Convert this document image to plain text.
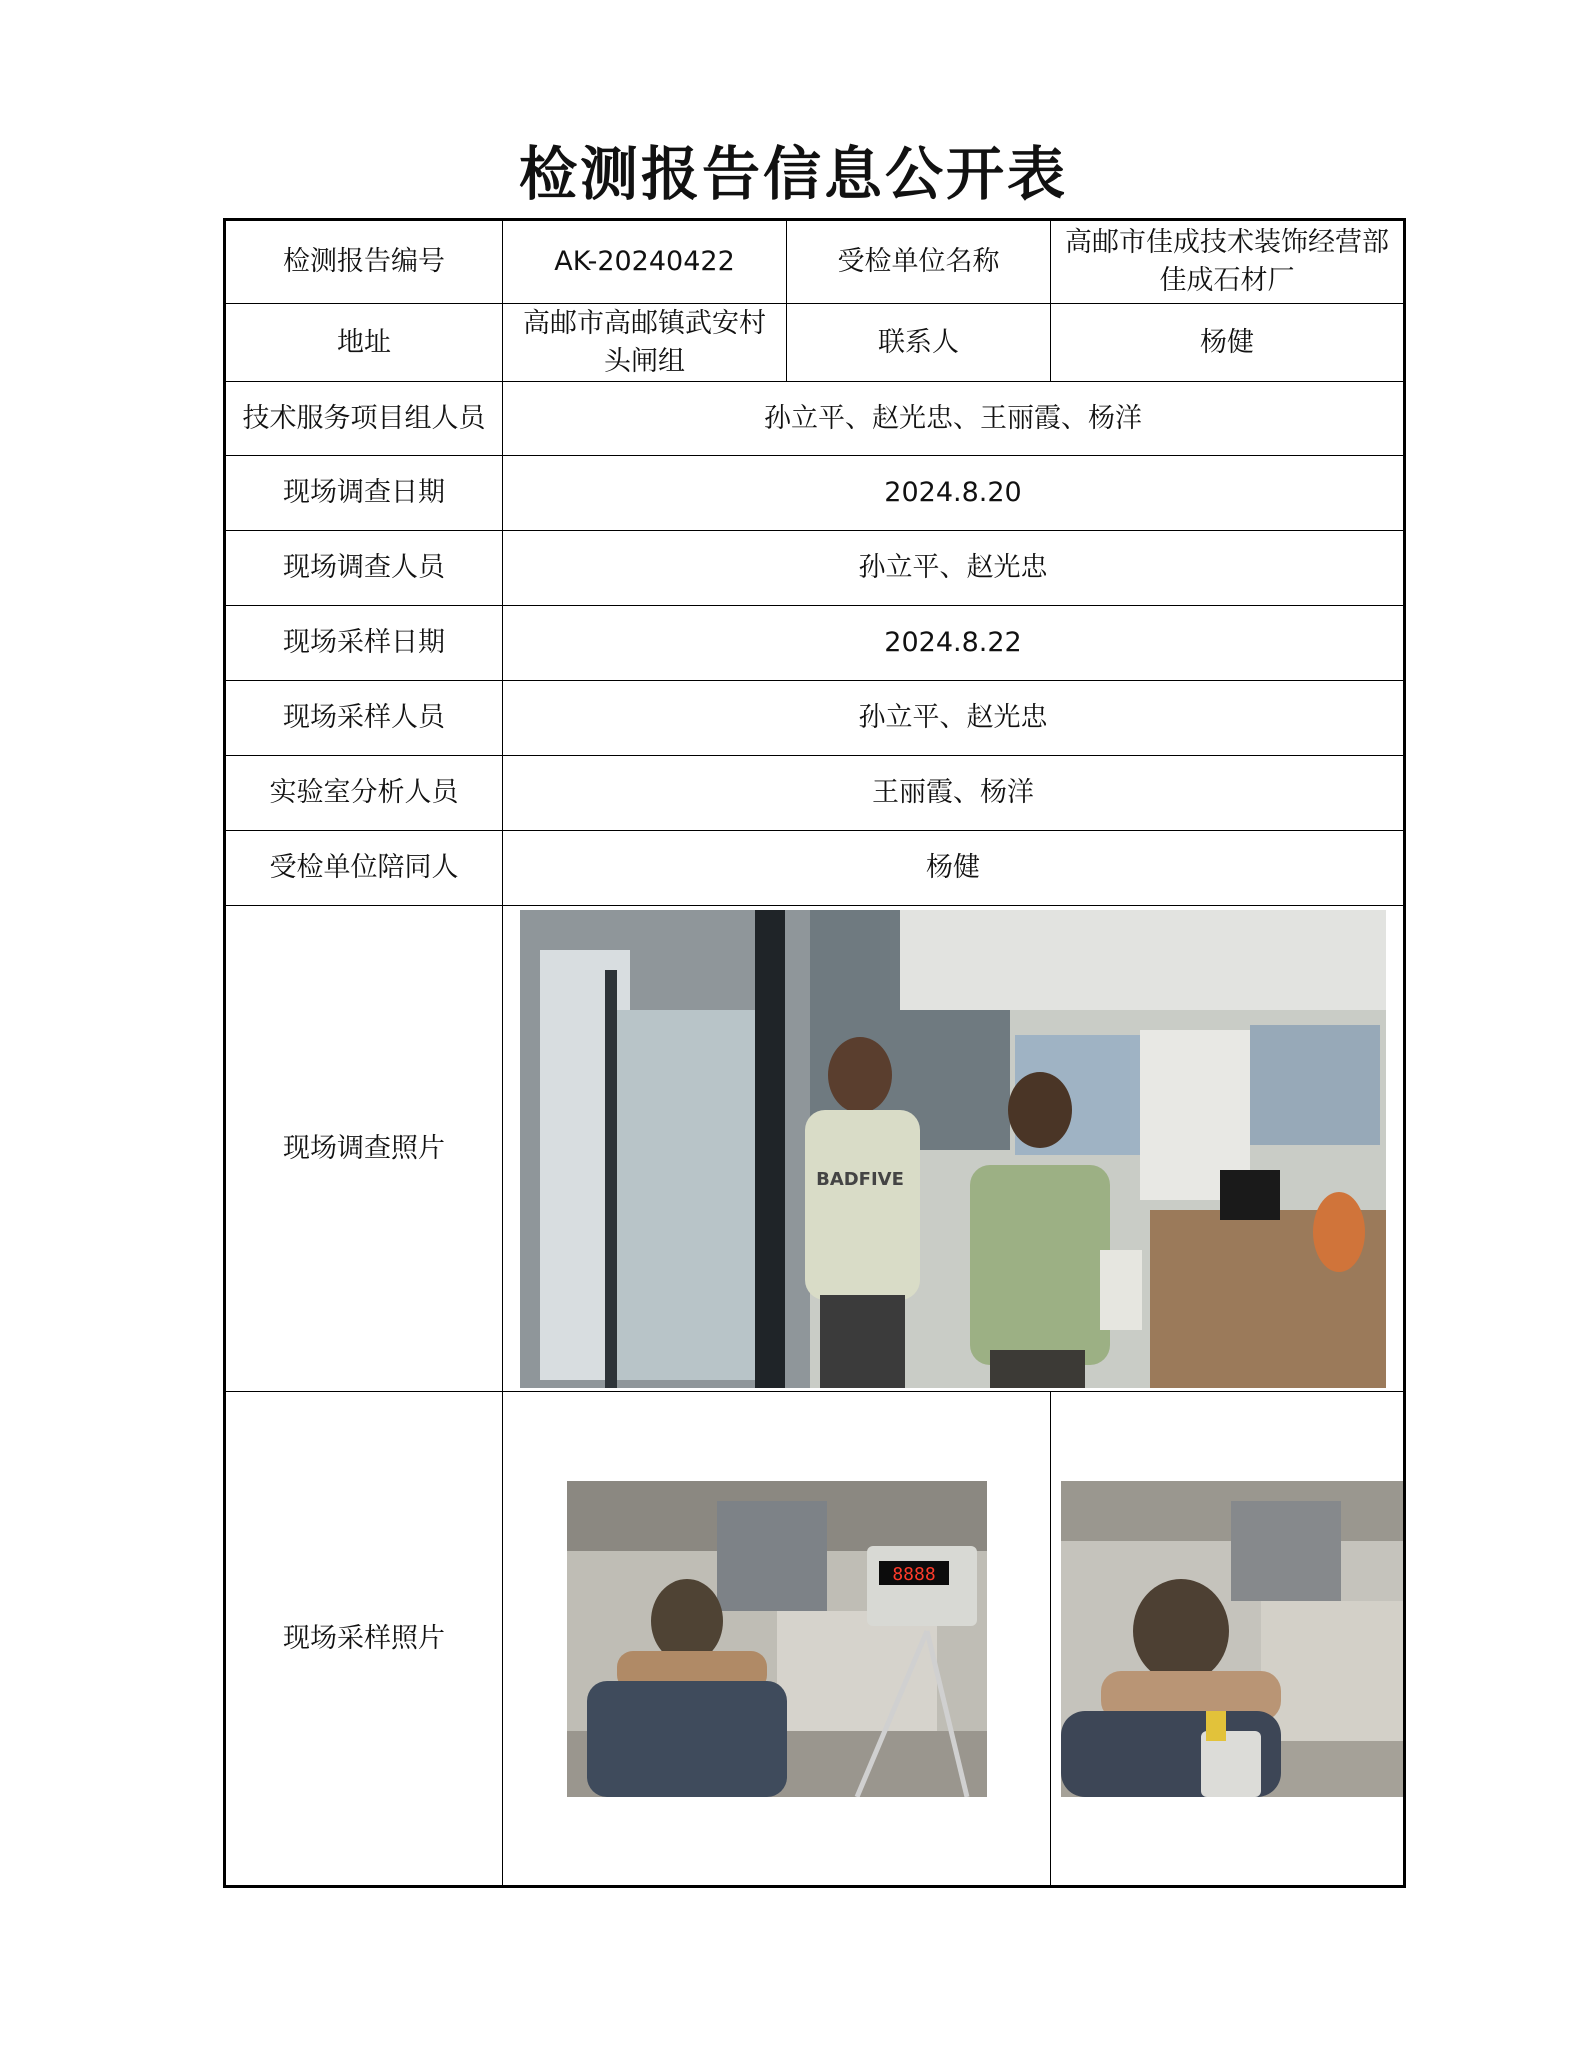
检测报告信息公开表
检测报告编号	AK-20240422	受检单位名称	高邮市佳成技术装饰经营部佳成石材厂
地址	高邮市高邮镇武安村头闸组	联系人	杨健
技术服务项目组人员	孙立平、赵光忠、王丽霞、杨洋		
现场调查日期	2024.8.20		
现场调查人员	孙立平、赵光忠		
现场采样日期	2024.8.22		
现场采样人员	孙立平、赵光忠		
实验室分析人员	王丽霞、杨洋		
受检单位陪同人	杨健		
现场调查照片	BADFIVE		

现场采样照片	8888
